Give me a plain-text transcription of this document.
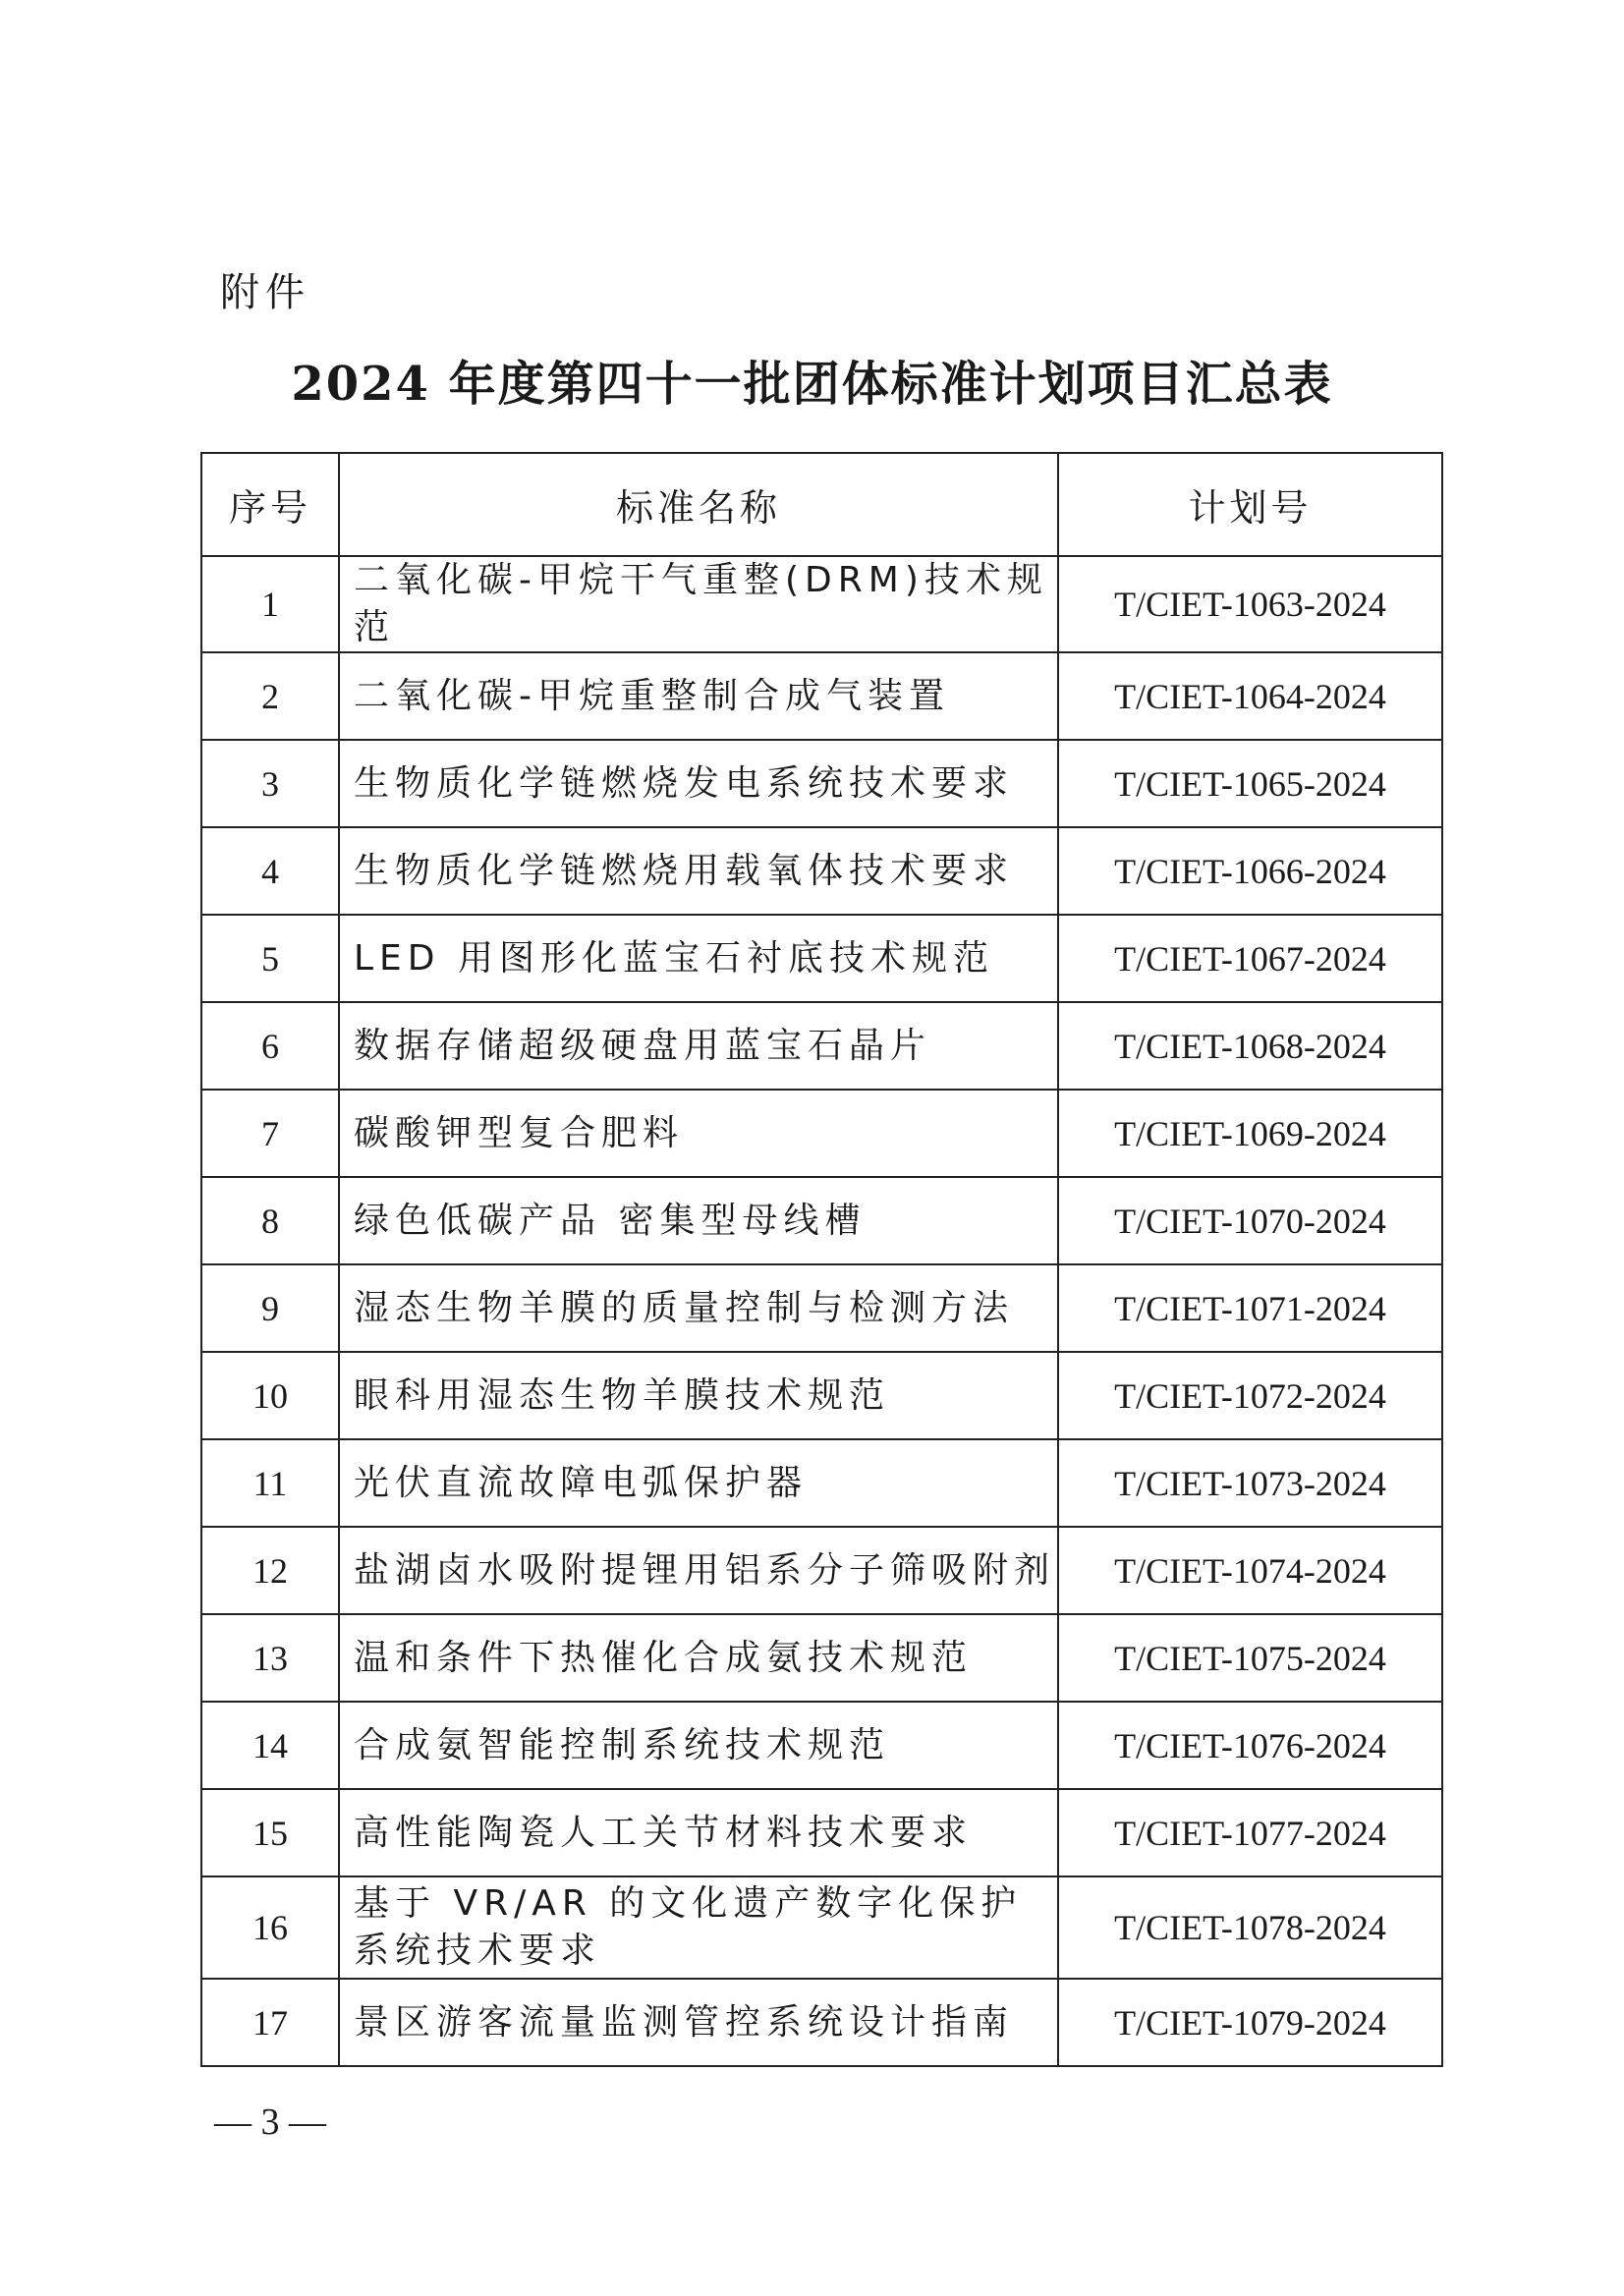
附件
2024 年度第四十一批团体标准计划项目汇总表
序号	标准名称	计划号
1	二氧化碳-甲烷干气重整(DRM)技术规范	T/CIET-1063-2024
2	二氧化碳-甲烷重整制合成气装置	T/CIET-1064-2024
3	生物质化学链燃烧发电系统技术要求	T/CIET-1065-2024
4	生物质化学链燃烧用载氧体技术要求	T/CIET-1066-2024
5	LED 用图形化蓝宝石衬底技术规范	T/CIET-1067-2024
6	数据存储超级硬盘用蓝宝石晶片	T/CIET-1068-2024
7	碳酸钾型复合肥料	T/CIET-1069-2024
8	绿色低碳产品 密集型母线槽	T/CIET-1070-2024
9	湿态生物羊膜的质量控制与检测方法	T/CIET-1071-2024
10	眼科用湿态生物羊膜技术规范	T/CIET-1072-2024
11	光伏直流故障电弧保护器	T/CIET-1073-2024
12	盐湖卤水吸附提锂用铝系分子筛吸附剂	T/CIET-1074-2024
13	温和条件下热催化合成氨技术规范	T/CIET-1075-2024
14	合成氨智能控制系统技术规范	T/CIET-1076-2024
15	高性能陶瓷人工关节材料技术要求	T/CIET-1077-2024
16	基于 VR/AR 的文化遗产数字化保护系统技术要求	T/CIET-1078-2024
17	景区游客流量监测管控系统设计指南	T/CIET-1079-2024
— 3 —
